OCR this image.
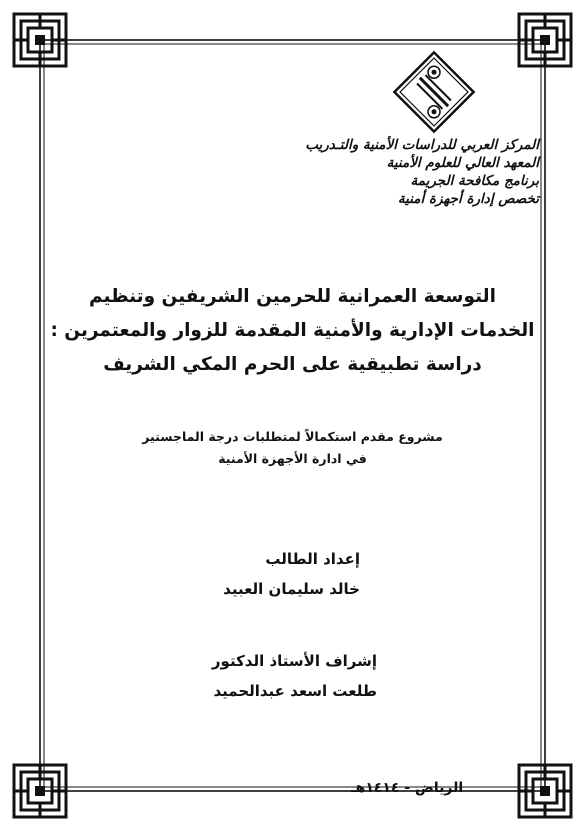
المركز العربي للدراسات الأمنية والتـدريب
المعهد العالي للعلوم الأمنية
برنامج مكافحة الجريمة
تخصص إدارة أجهزة أمنية
التوسعة العمرانية للحرمين الشريفين وتنظيم
الخدمات الإدارية والأمنية المقدمة للزوار والمعتمرين :
دراسة تطبيقية على الحرم المكي الشريف
مشروع مقدم استكمالاً لمتطلبات درجة الماجستير
في ادارة الأجهزة الأمنية
إعداد الطالب
خالد سليمان العبيد
إشراف الأستاذ الدكتور
طلعت اسعد عبدالحميد
الرياض - ١٤١٤هـ
